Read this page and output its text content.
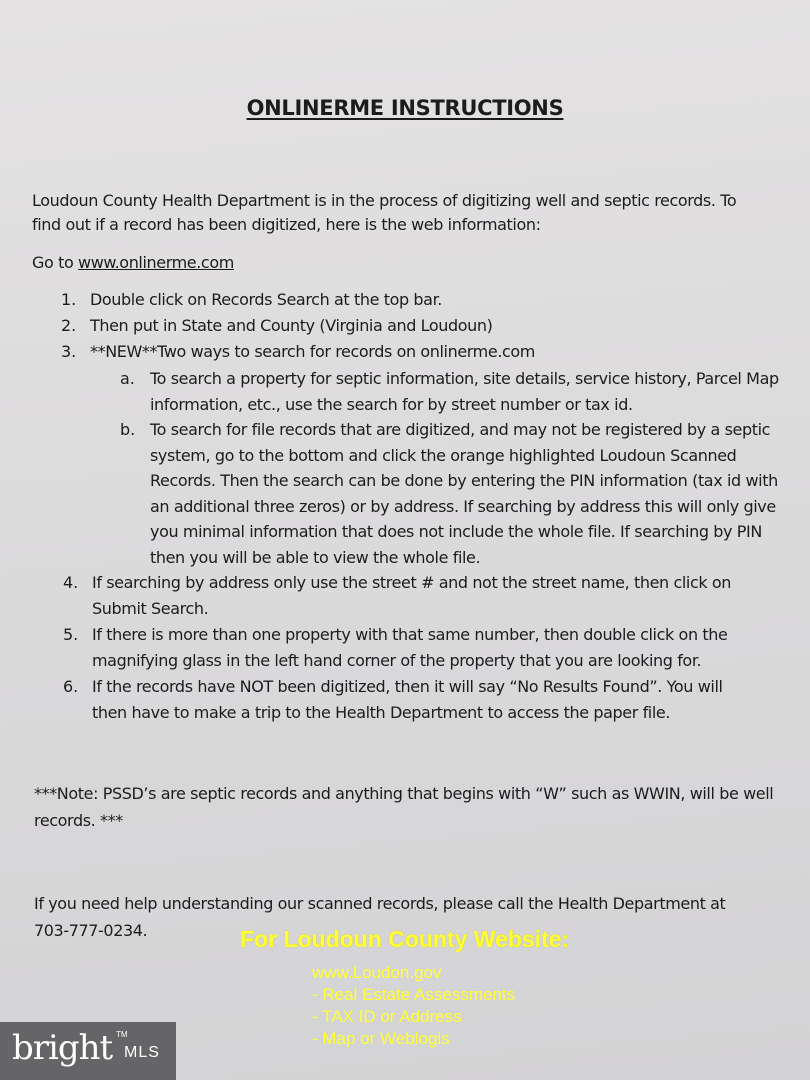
ONLINERME INSTRUCTIONS
Loudoun County Health Department is in the process of digitizing well and septic records. To
find out if a record has been digitized, here is the web information:
Go to www.onlinerme.com
1. Double click on Records Search at the top bar.
2. Then put in State and County (Virginia and Loudoun)
3. **NEW**Two ways to search for records on onlinerme.com
a. To search a property for septic information, site details, service history, Parcel Map information, etc., use the search for by street number or tax id.
b. To search for file records that are digitized, and may not be registered by a septic system, go to the bottom and click the orange highlighted Loudoun Scanned Records. Then the search can be done by entering the PIN information (tax id with an additional three zeros) or by address. If searching by address this will only give you minimal information that does not include the whole file. If searching by PIN then you will be able to view the whole file.
4. If searching by address only use the street # and not the street name, then click on Submit Search.
5. If there is more than one property with that same number, then double click on the magnifying glass in the left hand corner of the property that you are looking for.
6. If the records have NOT been digitized, then it will say “No Results Found”. You will then have to make a trip to the Health Department to access the paper file.
***Note: PSSD’s are septic records and anything that begins with “W” such as WWIN, will be well records. ***
If you need help understanding our scanned records, please call the Health Department at 703-777-0234.	For Loudoun County Website:
www.Loudon.gov
- Real Estate Assessments
- TAX ID or Address
- Map or Weblogis
bright TM
MLS
